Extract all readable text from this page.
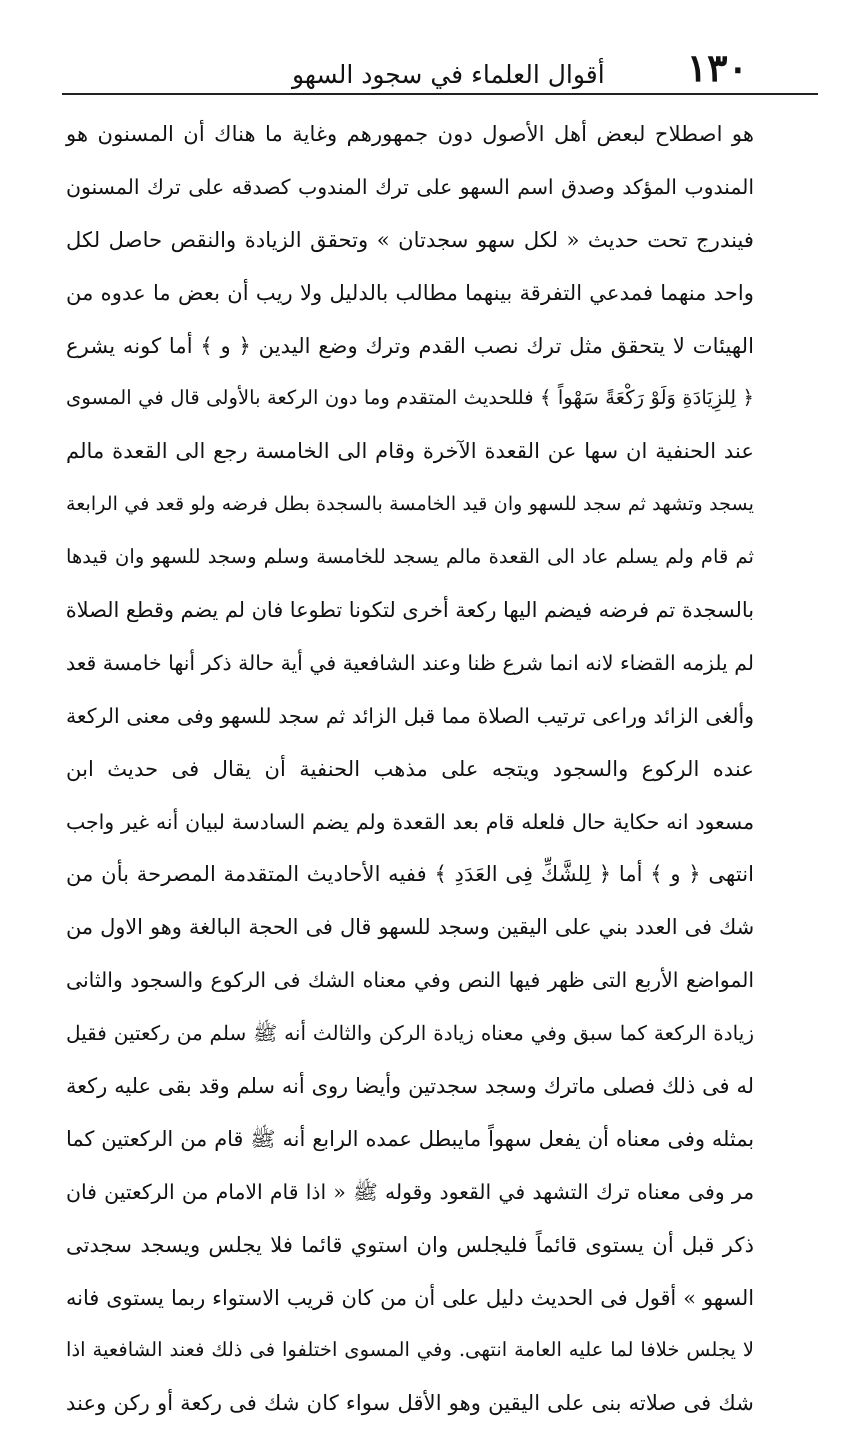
١٣٠
أقوال العلماء في سجود السهو
هو اصطلاح لبعض أهل الأصول دون جمهورهم وغاية ما هناك أن المسنون هو
المندوب المؤكد وصدق اسم السهو على ترك المندوب كصدقه على ترك المسنون
فيندرج تحت حديث « لكل سهو سجدتان » وتحقق الزيادة والنقص حاصل لكل
واحد منهما فمدعي التفرقة بينهما مطالب بالدليل ولا ريب أن بعض ما عدوه من
الهيئات لا يتحقق مثل ترك نصب القدم وترك وضع اليدين ﴿ و ﴾ أما كونه يشرع
﴿ لِلزِيَادَةِ وَلَوْ رَكْعَةً سَهْواً ﴾ فللحديث المتقدم وما دون الركعة بالأولى قال في المسوى
عند الحنفية ان سها عن القعدة الآخرة وقام الى الخامسة رجع الى القعدة مالم
يسجد وتشهد ثم سجد للسهو وان قيد الخامسة بالسجدة بطل فرضه ولو قعد في الرابعة
ثم قام ولم يسلم عاد الى القعدة مالم يسجد للخامسة وسلم وسجد للسهو وان قيدها
بالسجدة تم فرضه فيضم اليها ركعة أخرى لتكونا تطوعا فان لم يضم وقطع الصلاة
لم يلزمه القضاء لانه انما شرع ظنا وعند الشافعية في أية حالة ذكر أنها خامسة قعد
وألغى الزائد وراعى ترتيب الصلاة مما قبل الزائد ثم سجد للسهو وفى معنى الركعة
عنده الركوع والسجود ويتجه على مذهب الحنفية أن يقال فى حديث ابن
مسعود انه حكاية حال فلعله قام بعد القعدة ولم يضم السادسة لبيان أنه غير واجب
انتهى ﴿ و ﴾ أما ﴿ لِلشَّكِّ فِى العَدَدِ ﴾ ففيه الأحاديث المتقدمة المصرحة بأن من
شك فى العدد بني على اليقين وسجد للسهو قال فى الحجة البالغة وهو الاول من
المواضع الأربع التى ظهر فيها النص وفي معناه الشك فى الركوع والسجود والثانى
زيادة الركعة كما سبق وفي معناه زيادة الركن والثالث أنه ﷺ سلم من ركعتين فقيل
له فى ذلك فصلى ماترك وسجد سجدتين وأيضا روى أنه سلم وقد بقى عليه ركعة
بمثله وفى معناه أن يفعل سهواً مايبطل عمده الرابع أنه ﷺ قام من الركعتين كما
مر وفى معناه ترك التشهد في القعود وقوله ﷺ « اذا قام الامام من الركعتين فان
ذكر قبل أن يستوى قائماً فليجلس وان استوي قائما فلا يجلس ويسجد سجدتى
السهو » أقول فى الحديث دليل على أن من كان قريب الاستواء ربما يستوى فانه
لا يجلس خلافا لما عليه العامة انتهى. وفي المسوى اختلفوا فى ذلك فعند الشافعية اذا
شك فى صلاته بنى على اليقين وهو الأقل سواء كان شك فى ركعة أو ركن وعند
